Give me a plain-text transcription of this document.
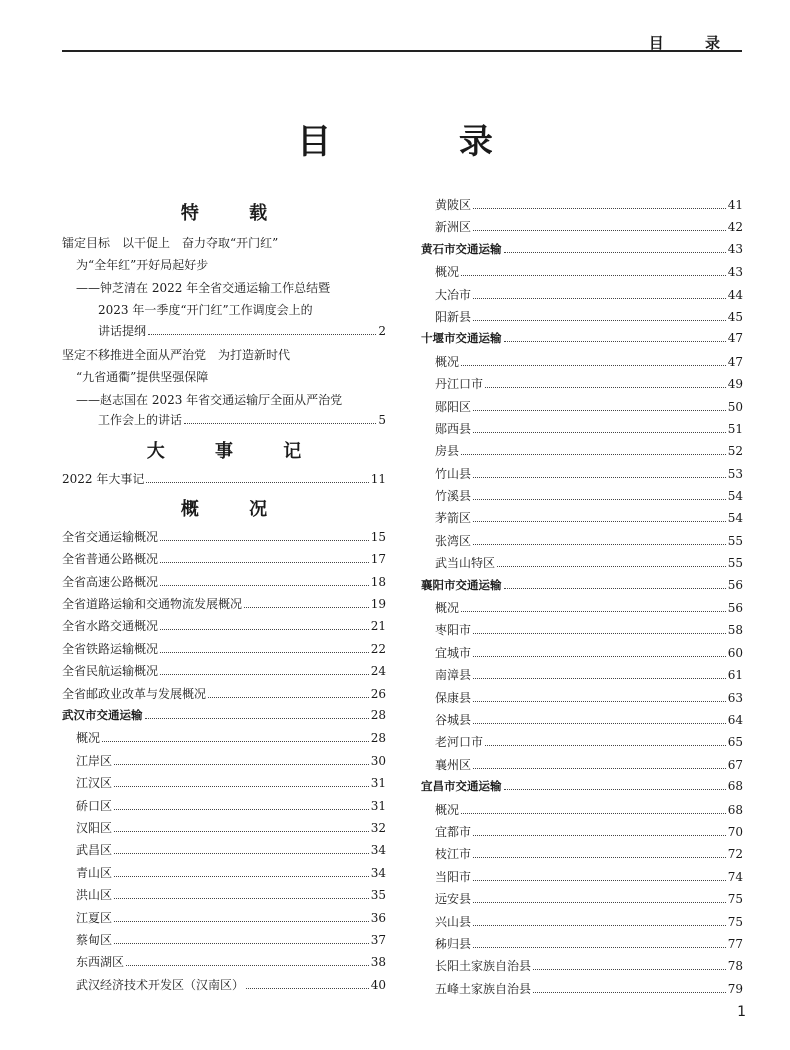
目 录
目 录
特 载
镭定目标　以干促上　奋力夺取“开门红”
为“全年红”开好局起好步
——钟芝清在 2022 年全省交通运输工作总结暨
2023 年一季度“开门红”工作调度会上的
讲话提纲	2
坚定不移推进全面从严治党　为打造新时代
“九省通衢”提供坚强保障
——赵志国在 2023 年省交通运输厅全面从严治党
工作会上的讲话	5
大 事 记
2022 年大事记	11
概 况
全省交通运输概况	15
全省普通公路概况	17
全省高速公路概况	18
全省道路运输和交通物流发展概况	19
全省水路交通概况	21
全省铁路运输概况	22
全省民航运输概况	24
全省邮政业改革与发展概况	26
武汉市交通运输	28
概况	28
江岸区	30
江汉区	31
硚口区	31
汉阳区	32
武昌区	34
青山区	34
洪山区	35
江夏区	36
蔡甸区	37
东西湖区	38
武汉经济技术开发区（汉南区）	40
黄陂区	41
新洲区	42
黄石市交通运输	43
概况	43
大冶市	44
阳新县	45
十堰市交通运输	47
概况	47
丹江口市	49
郧阳区	50
郧西县	51
房县	52
竹山县	53
竹溪县	54
茅箭区	54
张湾区	55
武当山特区	55
襄阳市交通运输	56
概况	56
枣阳市	58
宜城市	60
南漳县	61
保康县	63
谷城县	64
老河口市	65
襄州区	67
宜昌市交通运输	68
概况	68
宜都市	70
枝江市	72
当阳市	74
远安县	75
兴山县	75
秭归县	77
长阳土家族自治县	78
五峰土家族自治县	79
1
